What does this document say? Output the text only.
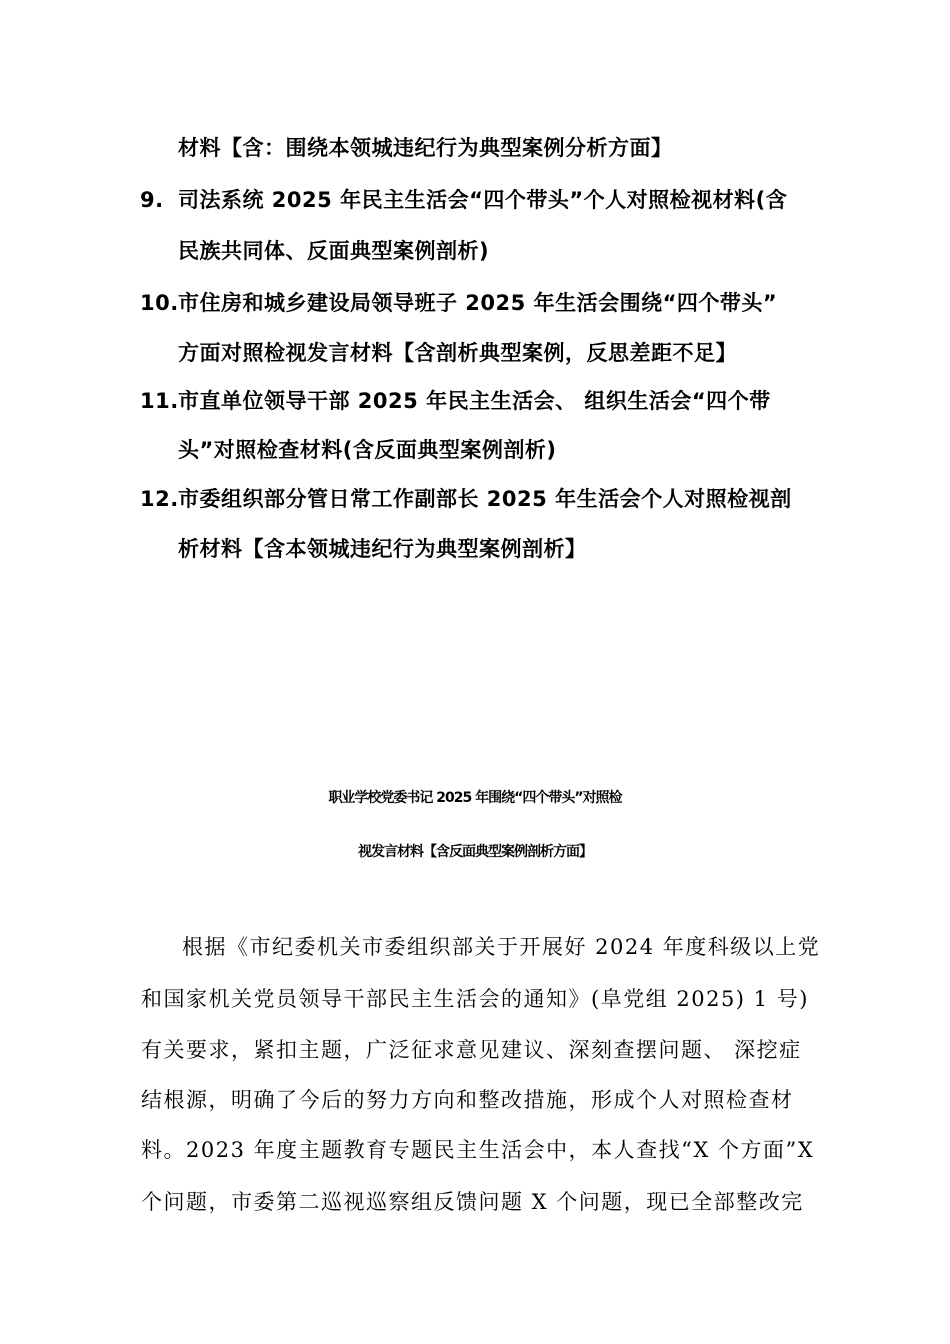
材料【含：围绕本领城违纪行为典型案例分析方面】
9. 司法系统 2025 年民主生活会“四个带头”个人对照检视材料(含
民族共同体、反面典型案例剖析)
10.市住房和城乡建设局领导班子 2025 年生活会围绕“四个带头”
方面对照检视发言材料【含剖析典型案例，反思差距不足】
11.市直单位领导干部 2025 年民主生活会、 组织生活会“四个带
头”对照检查材料(含反面典型案例剖析)
12.市委组织部分管日常工作副部长 2025 年生活会个人对照检视剖
析材料【含本领城违纪行为典型案例剖析】
职业学校党委书记 2025 年围绕“四个带头”对照检
视发言材料【含反面典型案例剖析方面】
根据《市纪委机关市委组织部关于开展好 2024 年度科级以上党
和国家机关党员领导干部民主生活会的通知》(阜党组 2025) 1 号)
有关要求，紧扣主题，广泛征求意见建议、深刻查摆问题、 深挖症
结根源，明确了今后的努力方向和整改措施，形成个人对照检查材
料。2023 年度主题教育专题民主生活会中，本人查找“X 个方面”X
个问题，市委第二巡视巡察组反馈问题 X 个问题，现已全部整改完
